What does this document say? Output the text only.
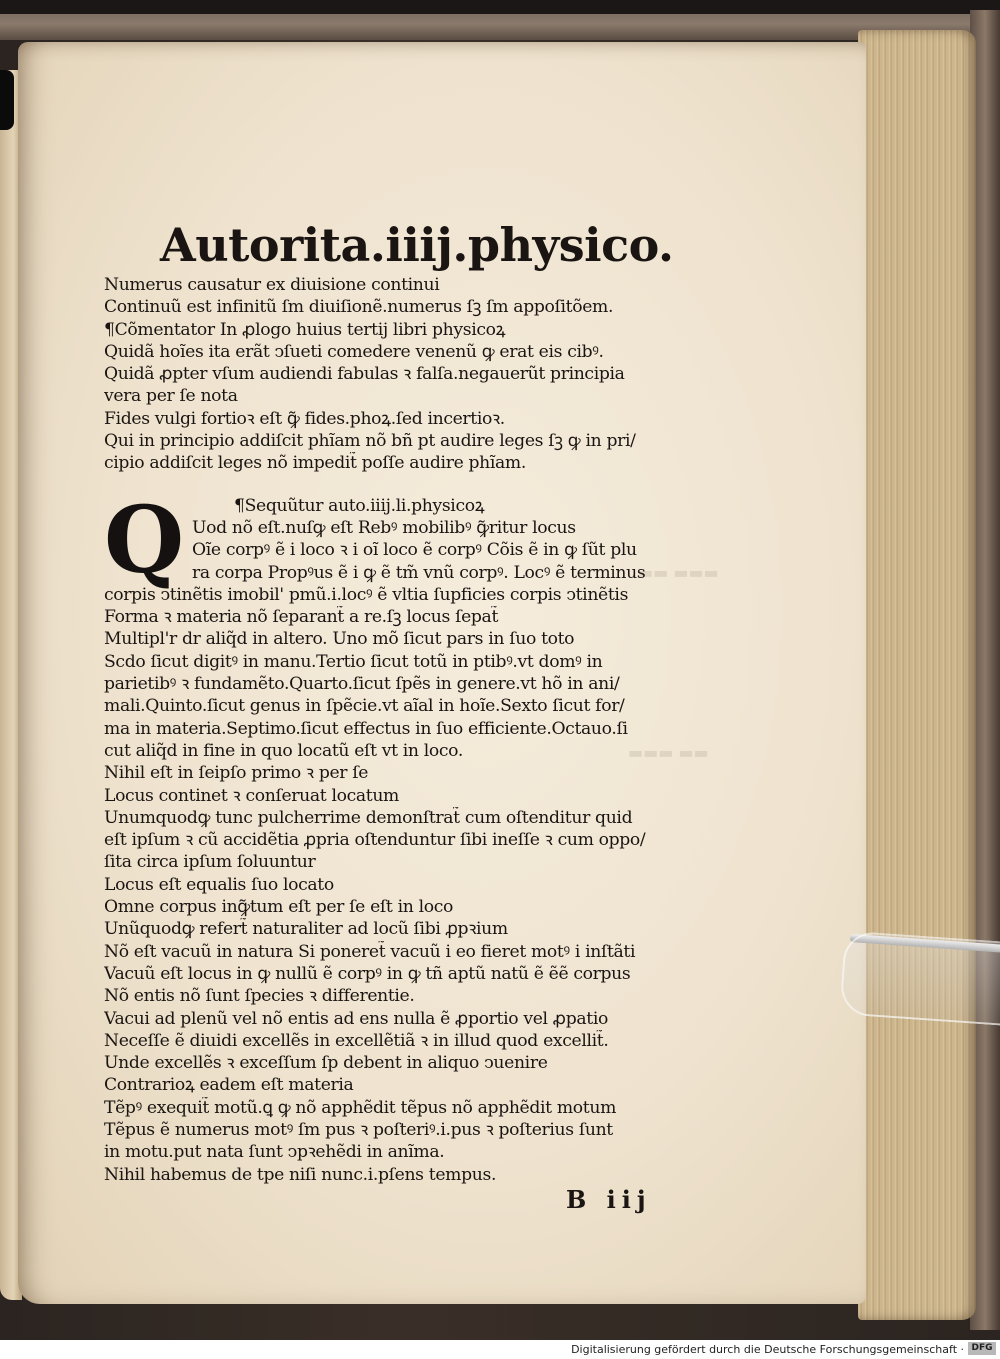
▬▬ ▬▬▬
▬▬▬ ▬▬
Autorita.iiij.physico.
Numerus causatur ex diuisione continui
Continuũ est infinitũ ſm diuiſionẽ.numerus ſꝫ ſm appoſitõem.
¶Cõmentator In ꝓlogo huius tertij libri physicoꝝ
Quidã hoĩes ita erãt ↄſueti comedere venenũ ꝙ erat eis cibꝰ.
Quidã ꝓpter vſum audiendi fabulas ꝛ falſa.negauerũt principia
vera per ſe nota
Fides vulgi fortioꝛ eſt ꝙ̃ fides.phoꝝ.ſed incertioꝛ.
Qui in principio addiſcit phĩam nõ bñ pt audire leges ſꝫ ꝙ in pri/
cipio addiſcit leges nõ impedit̃ poſſe audire phĩam.
Q	¶Sequũtur auto.iiij.li.physicoꝝ
Uod nõ eſt.nuſꝙ eſt Rebꝰ mobilibꝰ ꝙ̃ritur locus
Oĩe corpꝰ ẽ i loco ꝛ i oĩ loco ẽ corpꝰ Cõis ẽ in ꝙ ſũt plu
ra corpa Propꝰus ẽ i ꝙ ẽ tm̃ vnũ corpꝰ. Locꝰ ẽ terminus
corpis ↄtinẽtis imobil' pmũ.i.locꝰ ẽ vltia ſupficies corpis ↄtinẽtis
Forma ꝛ materia nõ ſeparant̃ a re.ſꝫ locus ſepat̃
Multipl'r dr aliq̃d in altero. Uno mõ ſicut pars in ſuo toto
Scdo ſicut digitꝰ in manu.Tertio ſicut totũ in ptibꝰ.vt domꝰ in
parietibꝰ ꝛ fundamẽto.Quarto.ſicut ſpẽs in genere.vt hõ in ani/
mali.Quinto.ſicut genus in ſpẽcie.vt aĩal in hoĩe.Sexto ſicut for/
ma in materia.Septimo.ſicut effectus in ſuo efficiente.Octauo.ſi
cut aliq̃d in fine in quo locatũ eſt vt in loco.
Nihil eſt in ſeipſo primo ꝛ per ſe
Locus continet ꝛ conſeruat locatum
Unumquodꝙ tunc pulcherrime demonſtrat̃ cum oſtenditur quid
eſt ipſum ꝛ cũ accidẽtia ꝓpria oſtenduntur ſibi ineſſe ꝛ cum oppo/
ſita circa ipſum ſoluuntur
Locus eſt equalis ſuo locato
Omne corpus inꝙ̃tum eſt per ſe eſt in loco
Unũquodꝙ refert̃ naturaliter ad locũ ſibi ꝓpꝛium
Nõ eſt vacuũ in natura Si poneret̃ vacuũ i eo fieret motꝰ i inſtãti
Vacuũ eſt locus in ꝙ nullũ ẽ corpꝰ in ꝙ tñ aptũ natũ ẽ ẽẽ corpus
Nõ entis nõ ſunt ſpecies ꝛ differentie.
Vacui ad plenũ vel nõ entis ad ens nulla ẽ ꝓportio vel ꝓpatio
Neceſſe ẽ diuidi excellẽs in excellẽtiã ꝛ in illud quod excellit̃.
Unde excellẽs ꝛ exceſſum ſp debent in aliquo ↄuenire
Contrarioꝝ eadem eſt materia
Tẽpꝰ exequit̃ motũ.ꝗ ꝙ nõ apphẽdit tẽpus nõ apphẽdit motum
Tẽpus ẽ numerus motꝰ ſm pus ꝛ poſteriꝰ.i.pus ꝛ poſterius ſunt
in motu.put nata ſunt ↄpꝛehẽdi in anĩma.
Nihil habemus de tpe niſi nunc.i.pſens tempus.
B iij
Digitalisierung gefördert durch die Deutsche Forschungsgemeinschaft · DFG
